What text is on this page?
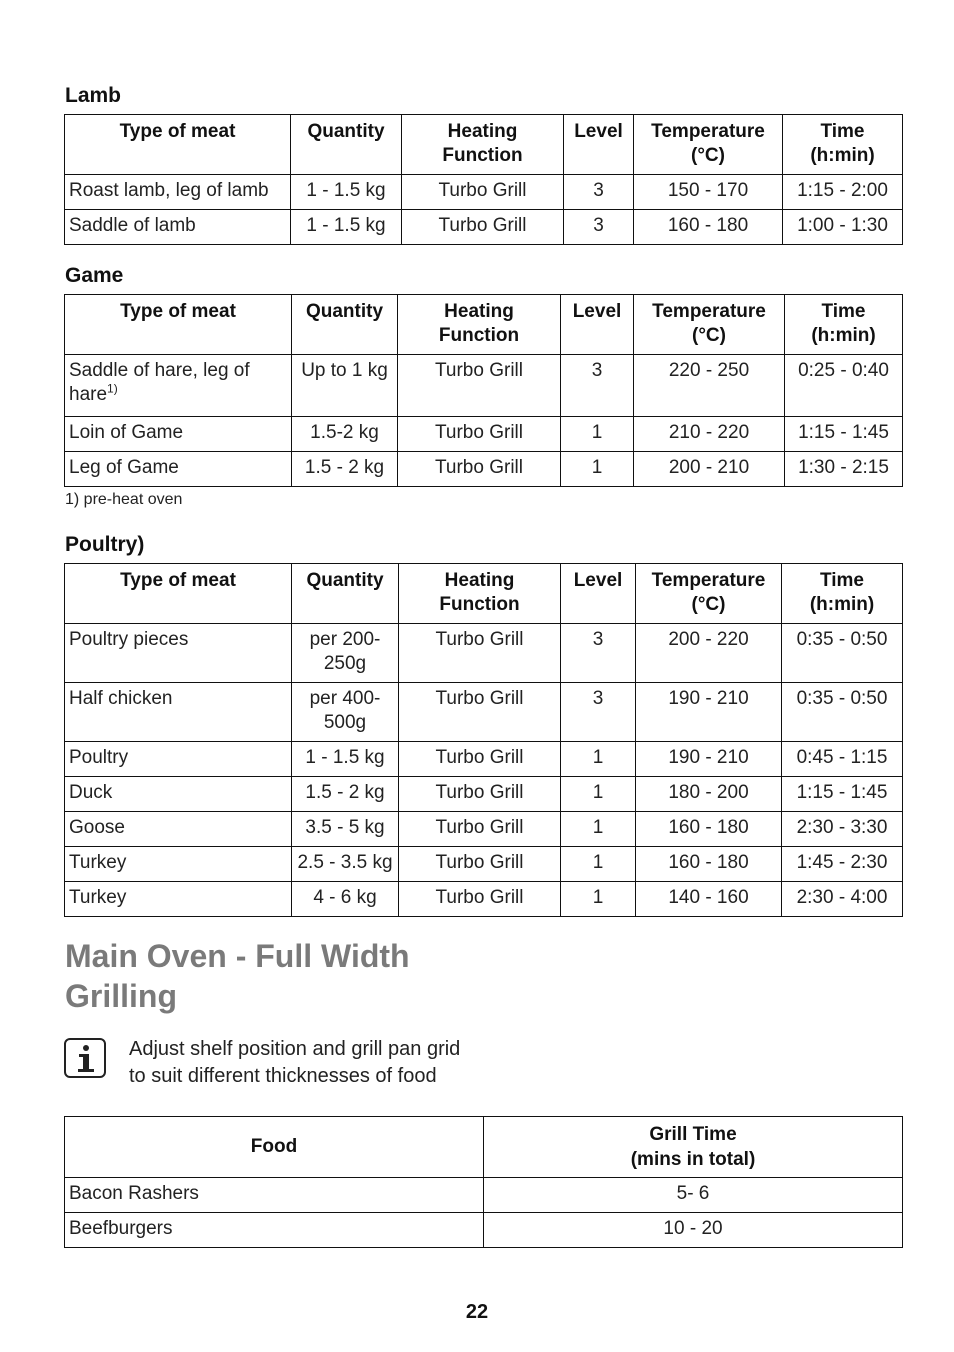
Lamb
Type of meat	Quantity	Heating Function	Level	Temperature (°C)	Time (h:min)
Roast lamb, leg of lamb	1 - 1.5 kg	Turbo Grill	3	150 - 170	1:15 - 2:00
Saddle of lamb	1 - 1.5 kg	Turbo Grill	3	160 - 180	1:00 - 1:30
Game
Type of meat	Quantity	Heating Function	Level	Temperature (°C)	Time (h:min)
Saddle of hare, leg of hare$^{1)}$	Up to 1 kg	Turbo Grill	3	220 - 250	0:25 - 0:40
Loin of Game	1.5-2 kg	Turbo Grill	1	210 - 220	1:15 - 1:45
Leg of Game	1.5 - 2 kg	Turbo Grill	1	200 - 210	1:30 - 2:15
1) pre-heat oven
Poultry)
Type of meat	Quantity	Heating Function	Level	Temperature (°C)	Time (h:min)
Poultry pieces	per 200-250g	Turbo Grill	3	200 - 220	0:35 - 0:50
Half chicken	per 400-500g	Turbo Grill	3	190 - 210	0:35 - 0:50
Poultry	1 - 1.5 kg	Turbo Grill	1	190 - 210	0:45 - 1:15
Duck	1.5 - 2 kg	Turbo Grill	1	180 - 200	1:15 - 1:45
Goose	3.5 - 5 kg	Turbo Grill	1	160 - 180	2:30 - 3:30
Turkey	2.5 - 3.5 kg	Turbo Grill	1	160 - 180	1:45 - 2:30
Turkey	4 - 6 kg	Turbo Grill	1	140 - 160	2:30 - 4:00
Main Oven - Full Width
Grilling
Adjust shelf position and grill pan grid
to suit different thicknesses of food
Food	Grill Time
(mins in total)

Bacon Rashers	5- 6
Beefburgers	10 - 20
22
